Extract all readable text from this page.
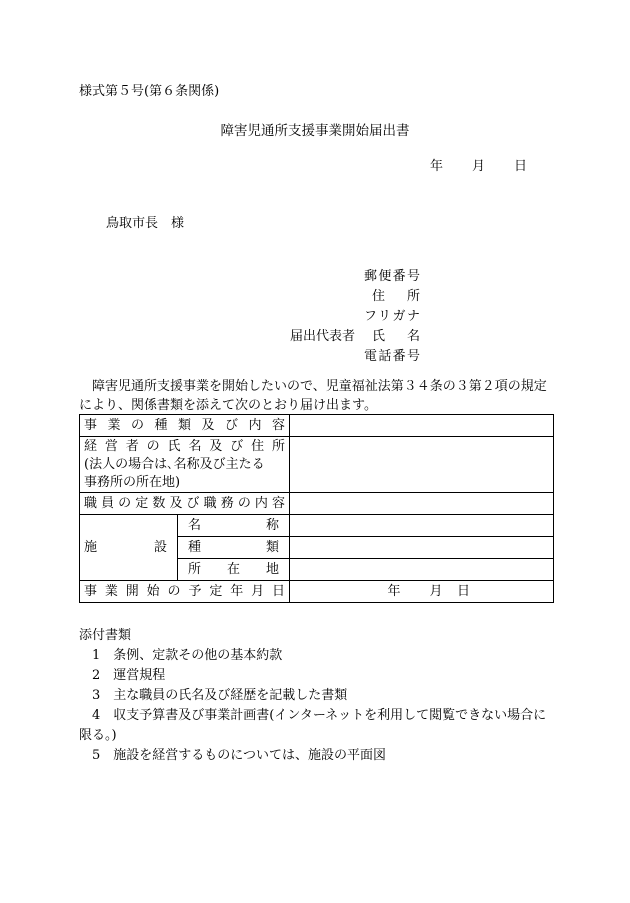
様式第５号(第６条関係)
障害児通所支援事業開始届出書
年 月 日
鳥取市長　様
郵便番号
住所
フリガナ
届出代表者 氏名
電話番号
　障害児通所支援事業を開始したいので、児童福祉法第３４条の３第２項の規定により、関係書類を添えて次のとおり届け出ます。
事業の種類及び内容		

経営者の氏名及び住所
(法人の場合は､名称及び主たる
事務所の所在地)		

職員の定数及び職務の内容		
施設	名称	
	種類	
	所在地	
事業開始の予定年月日		年 月 日
添付書類
　1　条例、定款その他の基本約款
　2　運営規程
　3　主な職員の氏名及び経歴を記載した書類
　4　収支予算書及び事業計画書(インターネットを利用して閲覧できない場合に限る。)
　5　施設を経営するものについては、施設の平面図
